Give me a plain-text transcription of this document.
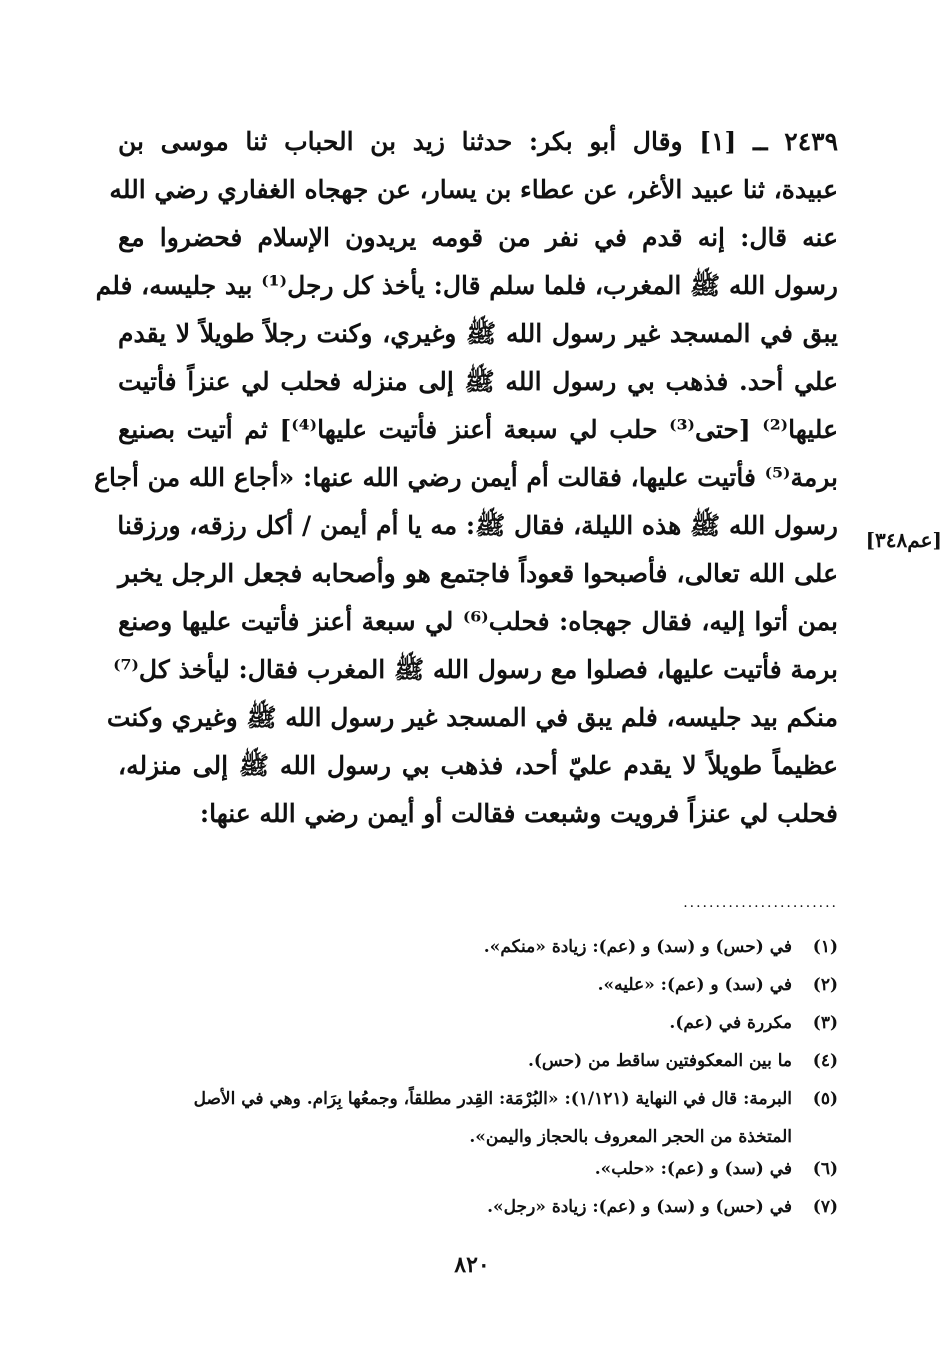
٢٤٣٩ ــ [١] وقال أبو بكر: حدثنا زيد بن الحباب ثنا موسى بن
عبيدة، ثنا عبيد الأغر، عن عطاء بن يسار، عن جهجاه الغفاري رضي الله
عنه قال: إنه قدم في نفر من قومه يريدون الإسلام فحضروا مع
رسول الله ﷺ المغرب، فلما سلم قال: يأخذ كل رجل⁽¹⁾ بيد جليسه، فلم
يبق في المسجد غير رسول الله ﷺ وغيري، وكنت رجلاً طويلاً لا يقدم
علي أحد. فذهب بي رسول الله ﷺ إلى منزله فحلب لي عنزاً فأتيت
عليها⁽²⁾ [حتى⁽³⁾ حلب لي سبعة أعنز فأتيت عليها⁽⁴⁾] ثم أتيت بصنيع
برمة⁽⁵⁾ فأتيت عليها، فقالت أم أيمن رضي الله عنها: «أجاع الله من أجاع
رسول الله ﷺ هذه الليلة، فقال ﷺ: مه يا أم أيمن / أكل رزقه، ورزقنا
على الله تعالى، فأصبحوا قعوداً فاجتمع هو وأصحابه فجعل الرجل يخبر
بمن أتوا إليه، فقال جهجاه: فحلب⁽⁶⁾ لي سبعة أعنز فأتيت عليها وصنع
برمة فأتيت عليها، فصلوا مع رسول الله ﷺ المغرب فقال: ليأخذ كل⁽⁷⁾
منكم بيد جليسه، فلم يبق في المسجد غير رسول الله ﷺ وغيري وكنت
عظيماً طويلاً لا يقدم عليّ أحد، فذهب بي رسول الله ﷺ إلى منزله،
فحلب لي عنزاً فرويت وشبعت فقالت أو أيمن رضي الله عنها:
[عم٣٤٨]
........................
(١)
في (حس) و (سد) و (عم): زيادة «منكم».
(٢)
في (سد) و (عم): «عليه».
(٣)
مكررة في (عم).
(٤)
ما بين المعكوفتين ساقط من (حس).
(٥)
البرمة: قال في النهاية (١/١٢١): «البُرْمَة: القِدر مطلقاً، وجمعُها بِرَام. وهي في الأصل
المتخذة من الحجر المعروف بالحجاز واليمن».
(٦)
في (سد) و (عم): «حلب».
(٧)
في (حس) و (سد) و (عم): زيادة «رجل».
٨٢٠
